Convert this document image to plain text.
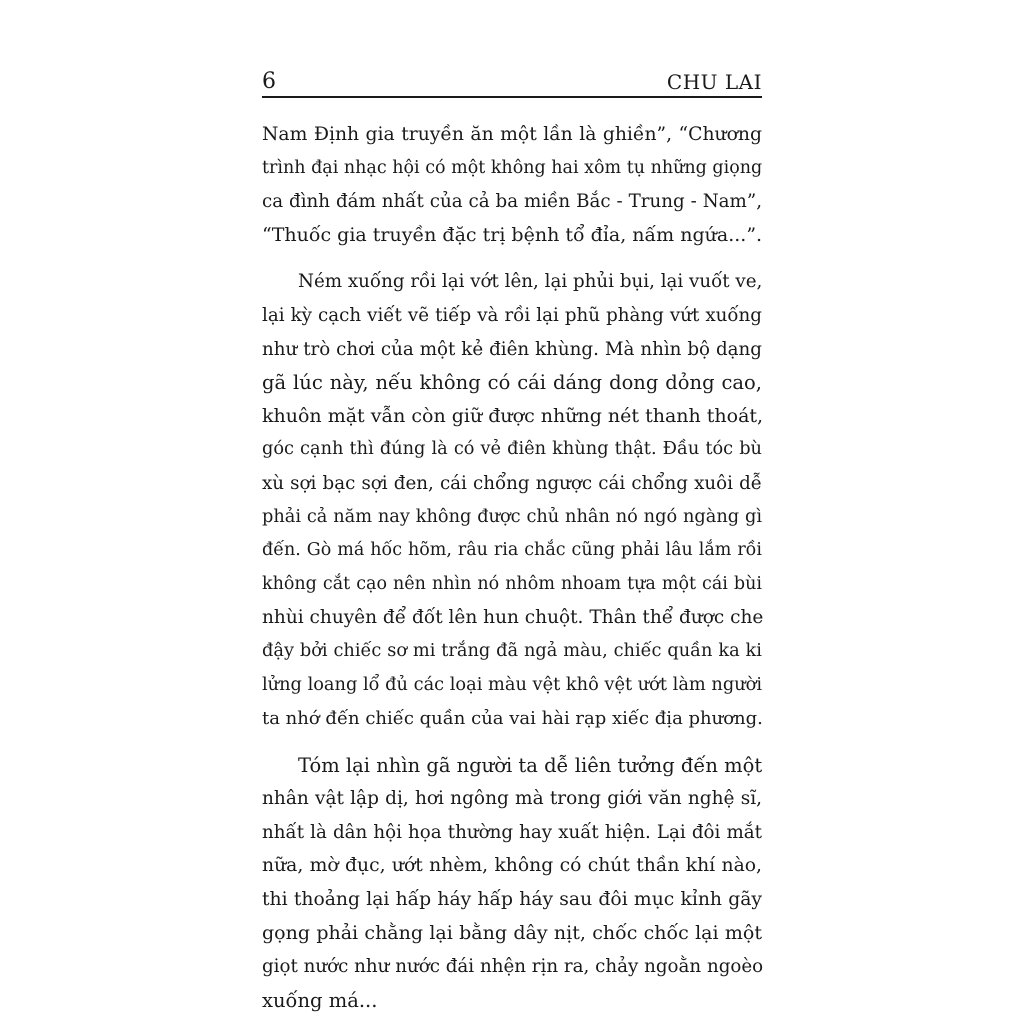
6	CHU LAI
Nam Định gia truyền ăn một lần là ghiền”, “Chương
trình đại nhạc hội có một không hai xôm tụ những giọng
ca đình đám nhất của cả ba miền Bắc - Trung - Nam”,
“Thuốc gia truyền đặc trị bệnh tổ đỉa, nấm ngứa...”.
Ném xuống rồi lại vớt lên, lại phủi bụi, lại vuốt ve,
lại kỳ cạch viết vẽ tiếp và rồi lại phũ phàng vứt xuống
như trò chơi của một kẻ điên khùng. Mà nhìn bộ dạng
gã lúc này, nếu không có cái dáng dong dỏng cao,
khuôn mặt vẫn còn giữ được những nét thanh thoát,
góc cạnh thì đúng là có vẻ điên khùng thật. Đầu tóc bù
xù sợi bạc sợi đen, cái chổng ngược cái chổng xuôi dễ
phải cả năm nay không được chủ nhân nó ngó ngàng gì
đến. Gò má hốc hõm, râu ria chắc cũng phải lâu lắm rồi
không cắt cạo nên nhìn nó nhôm nhoam tựa một cái bùi
nhùi chuyên để đốt lên hun chuột. Thân thể được che
đậy bởi chiếc sơ mi trắng đã ngả màu, chiếc quần ka ki
lửng loang lổ đủ các loại màu vệt khô vệt ướt làm người
ta nhớ đến chiếc quần của vai hài rạp xiếc địa phương.
Tóm lại nhìn gã người ta dễ liên tưởng đến một
nhân vật lập dị, hơi ngông mà trong giới văn nghệ sĩ,
nhất là dân hội họa thường hay xuất hiện. Lại đôi mắt
nữa, mờ đục, ướt nhèm, không có chút thần khí nào,
thi thoảng lại hấp háy hấp háy sau đôi mục kỉnh gãy
gọng phải chằng lại bằng dây nịt, chốc chốc lại một
giọt nước như nước đái nhện rịn ra, chảy ngoằn ngoèo
xuống má...
